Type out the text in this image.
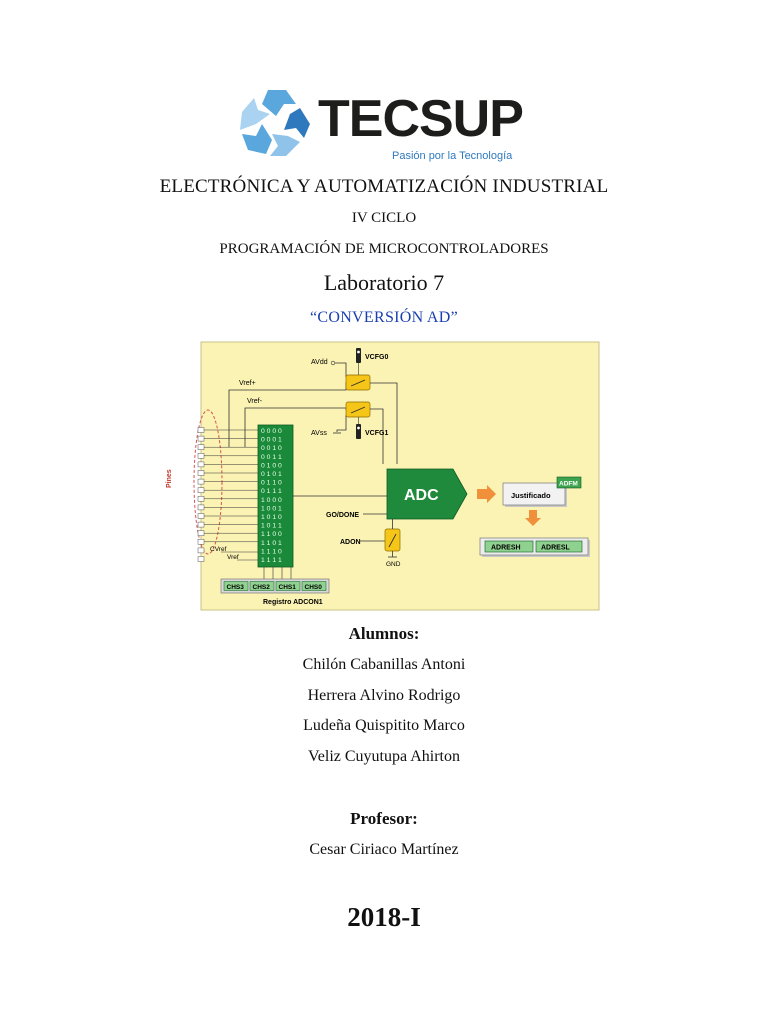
TECSUP
Pasión por la Tecnología
ELECTRÓNICA Y AUTOMATIZACIÓN INDUSTRIAL
IV CICLO
PROGRAMACIÓN DE MICROCONTROLADORES
Laboratorio 7
“CONVERSIÓN AD”
Pines
Vref+
Vref-
AVdd
AVss
VCFG0
VCFG1
0 0 0 0
0 0 0 1
0 0 1 0
0 0 1 1
0 1 0 0
0 1 0 1
0 1 1 0
0 1 1 1
1 0 0 0
1 0 0 1
1 0 1 0
1 0 1 1
1 1 0 0
1 1 0 1
1 1 1 0
1 1 1 1
CVref
Vref
CHS3 CHS2 CHS1 CHS0
Registro ADCON1
ADC
GO/DONE
ADON
GND
Justificado
ADFM
ADRESH	ADRESL
Alumnos:
Chilón Cabanillas Antoni
Herrera Alvino Rodrigo
Ludeña Quispitito Marco
Veliz Cuyutupa Ahirton
Profesor:
Cesar Ciriaco Martínez
2018-I
